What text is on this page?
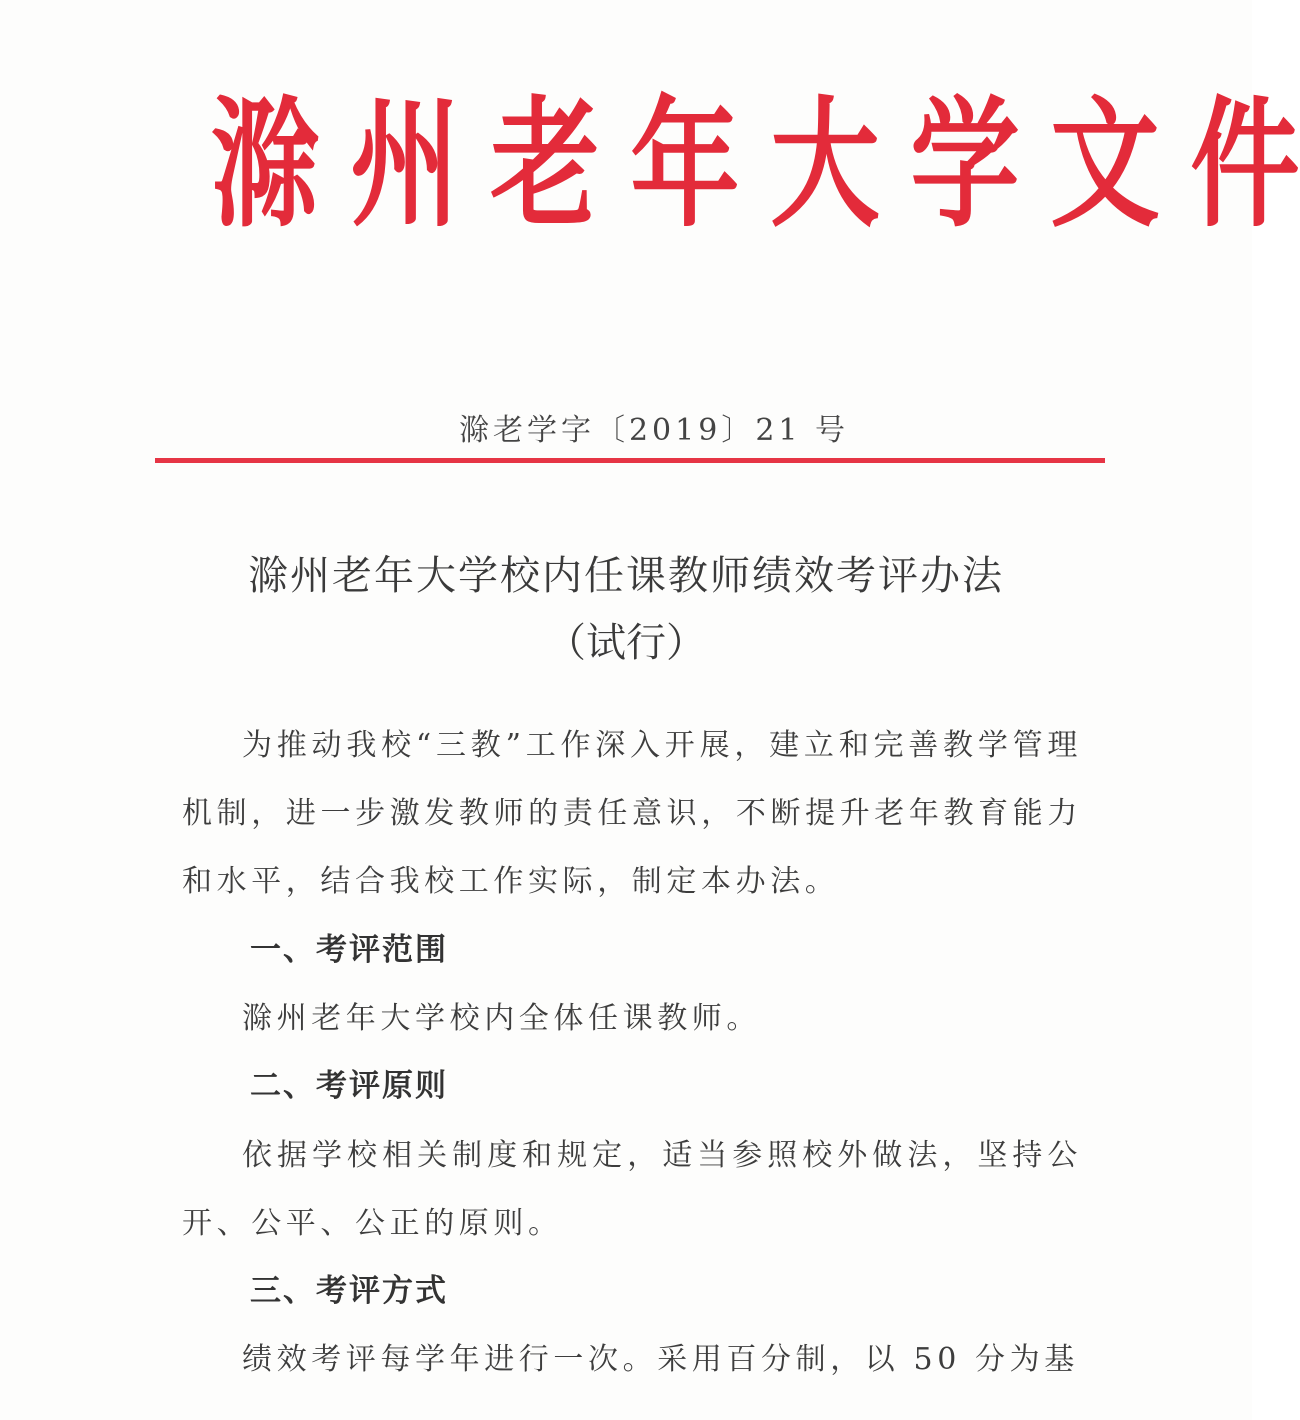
滁 州 老 年 大 学 文 件
滁老学字〔2019〕21 号
滁州老年大学校内任课教师绩效考评办法
（试行）
为推动我校“三教”工作深入开展，建立和完善教学管理机制，进一步激发教师的责任意识，不断提升老年教育能力和水平，结合我校工作实际，制定本办法。
一、考评范围
滁州老年大学校内全体任课教师。
二、考评原则
依据学校相关制度和规定，适当参照校外做法，坚持公开、公平、公正的原则。
三、考评方式
绩效考评每学年进行一次。采用百分制，以 50 分为基
